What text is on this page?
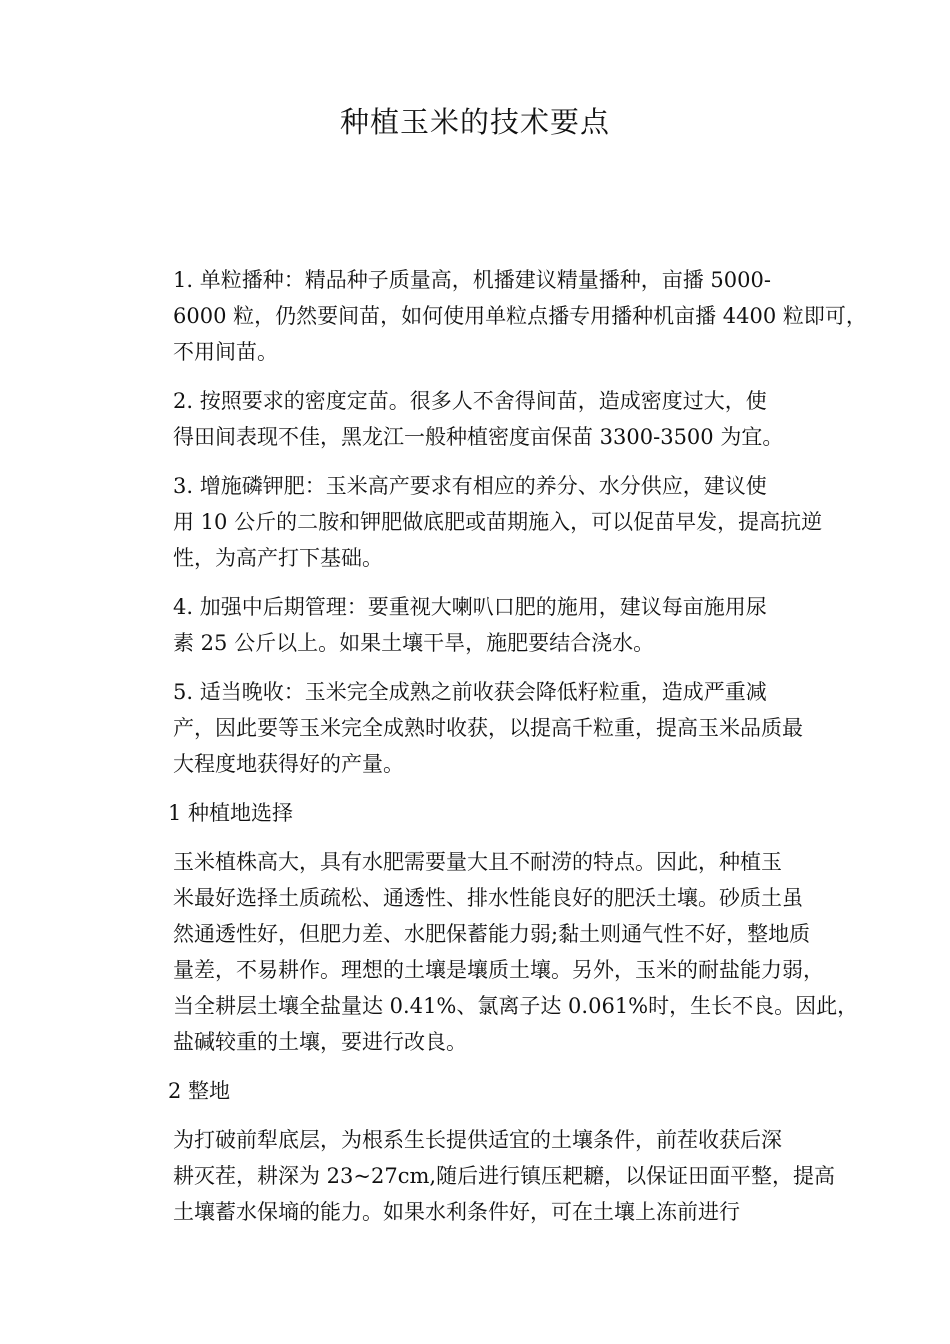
种植玉米的技术要点

1. 单粒播种：精品种子质量高，机播建议精量播种，亩播 5000-
6000 粒，仍然要间苗，如何使用单粒点播专用播种机亩播 4400 粒即可，
不用间苗。

2. 按照要求的密度定苗。很多人不舍得间苗，造成密度过大，使
得田间表现不佳，黑龙江一般种植密度亩保苗 3300-3500 为宜。

3. 增施磷钾肥：玉米高产要求有相应的养分、水分供应，建议使
用 10 公斤的二胺和钾肥做底肥或苗期施入，可以促苗早发，提高抗逆
性，为高产打下基础。

4. 加强中后期管理：要重视大喇叭口肥的施用，建议每亩施用尿
素 25 公斤以上。如果土壤干旱，施肥要结合浇水。

5. 适当晚收：玉米完全成熟之前收获会降低籽粒重，造成严重减
产，因此要等玉米完全成熟时收获，以提高千粒重，提高玉米品质最
大程度地获得好的产量。

1 种植地选择

玉米植株高大，具有水肥需要量大且不耐涝的特点。因此，种植玉
米最好选择土质疏松、通透性、排水性能良好的肥沃土壤。砂质土虽
然通透性好，但肥力差、水肥保蓄能力弱;黏土则通气性不好，整地质
量差，不易耕作。理想的土壤是壤质土壤。另外，玉米的耐盐能力弱，
当全耕层土壤全盐量达 0.41%、氯离子达 0.061%时，生长不良。因此，
盐碱较重的土壤，要进行改良。

2 整地

为打破前犁底层，为根系生长提供适宜的土壤条件，前茬收获后深
耕灭茬，耕深为 23~27cm,随后进行镇压耙耱，以保证田面平整，提高
土壤蓄水保墒的能力。如果水利条件好，可在土壤上冻前进行
